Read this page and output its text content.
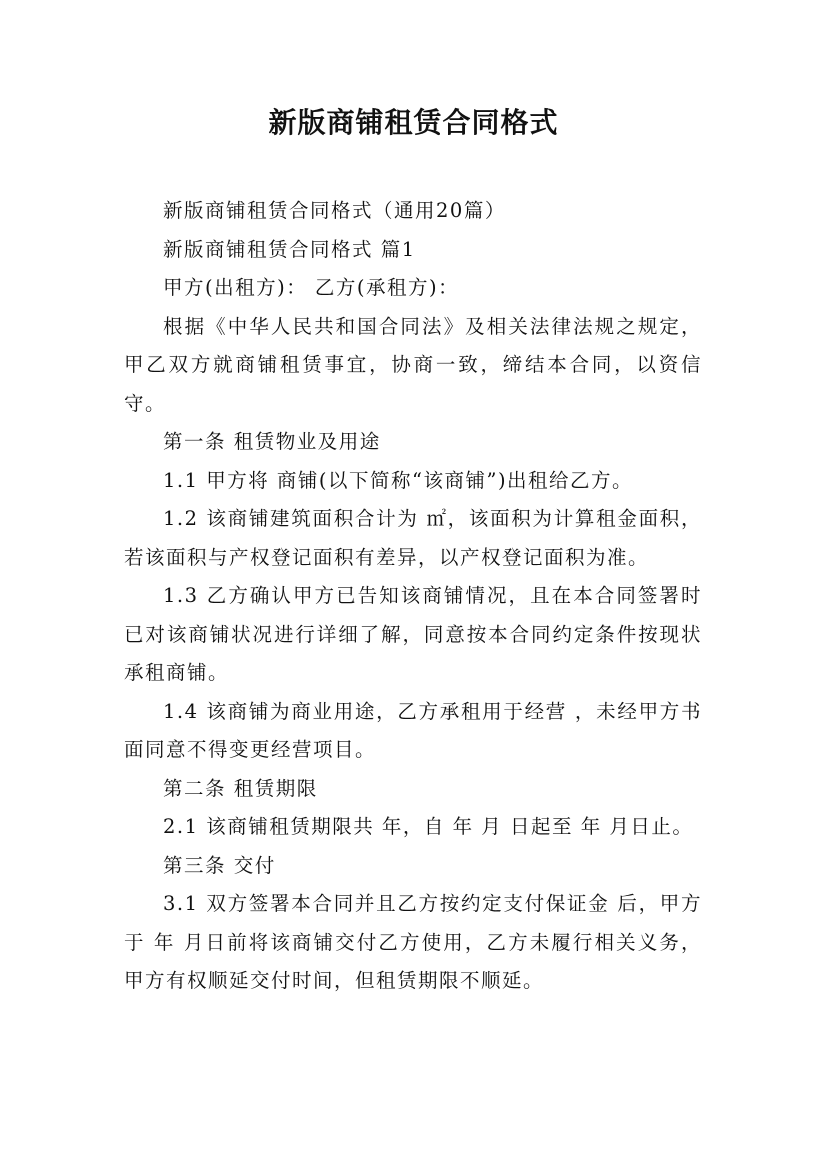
新版商铺租赁合同格式

新版商铺租赁合同格式（通用20篇）

新版商铺租赁合同格式 篇1

甲方(出租方)： 乙方(承租方)：

根据《中华人民共和国合同法》及相关法律法规之规定，甲乙双方就商铺租赁事宜，协商一致，缔结本合同，以资信守。

第一条 租赁物业及用途

1.1 甲方将 商铺(以下简称“该商铺”)出租给乙方。

1.2 该商铺建筑面积合计为 ㎡，该面积为计算租金面积，若该面积与产权登记面积有差异，以产权登记面积为准。

1.3 乙方确认甲方已告知该商铺情况，且在本合同签署时已对该商铺状况进行详细了解，同意按本合同约定条件按现状承租商铺。

1.4 该商铺为商业用途，乙方承租用于经营 ，未经甲方书面同意不得变更经营项目。

第二条 租赁期限

2.1 该商铺租赁期限共 年，自 年 月 日起至 年 月日止。

第三条 交付

3.1 双方签署本合同并且乙方按约定支付保证金 后，甲方于 年 月日前将该商铺交付乙方使用，乙方未履行相关义务，甲方有权顺延交付时间，但租赁期限不顺延。
